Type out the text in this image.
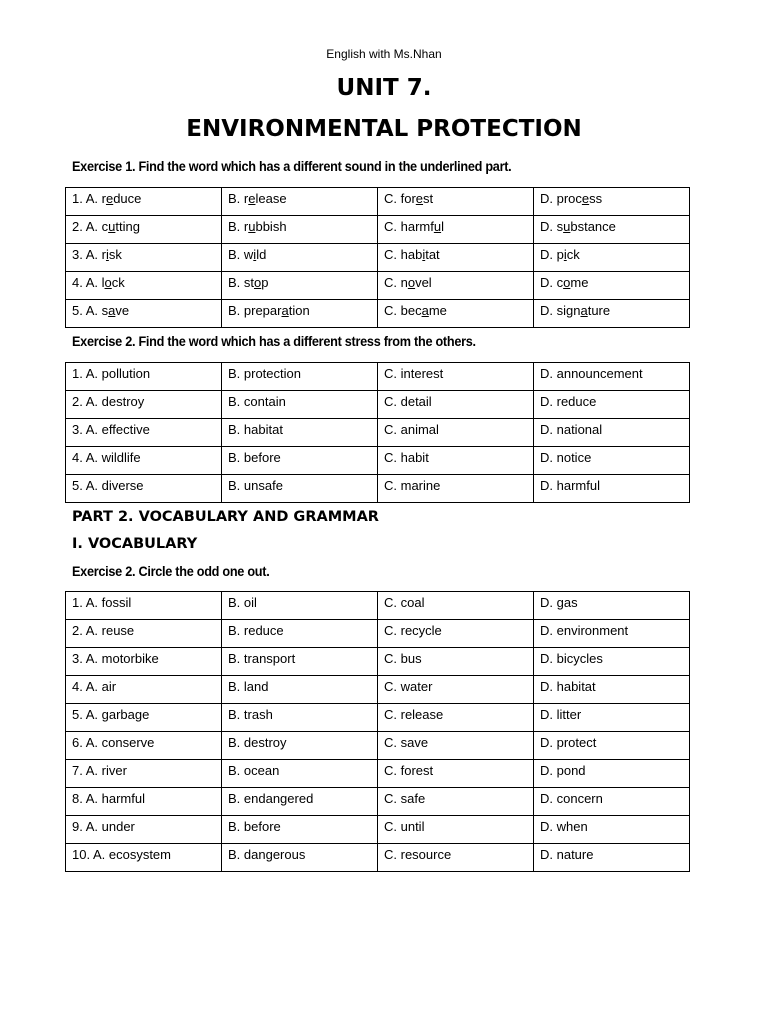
English with Ms.Nhan
UNIT 7.
ENVIRONMENTAL PROTECTION
Exercise 1. Find the word which has a different sound in the underlined part.
1. A. reduce	B. release	C. forest	D. process
2. A. cutting	B. rubbish	C. harmful	D. substance
3. A. risk	B. wild	C. habitat	D. pick
4. A. lock	B. stop	C. novel	D. come
5. A. save	B. preparation	C. became	D. signature
Exercise 2. Find the word which has a different stress from the others.
1. A. pollution	B. protection	C. interest	D. announcement
2. A. destroy	B. contain	C. detail	D. reduce
3. A. effective	B. habitat	C. animal	D. national
4. A. wildlife	B. before	C. habit	D. notice
5. A. diverse	B. unsafe	C. marine	D. harmful
PART 2. VOCABULARY AND GRAMMAR
I. VOCABULARY
Exercise 2. Circle the odd one out.
1. A. fossil	B. oil	C. coal	D. gas
2. A. reuse	B. reduce	C. recycle	D. environment
3. A. motorbike	B. transport	C. bus	D. bicycles
4. A. air	B. land	C. water	D. habitat
5. A. garbage	B. trash	C. release	D. litter
6. A. conserve	B. destroy	C. save	D. protect
7. A. river	B. ocean	C. forest	D. pond
8. A. harmful	B. endangered	C. safe	D. concern
9. A. under	B. before	C. until	D. when
10. A. ecosystem	B. dangerous	C. resource	D. nature
